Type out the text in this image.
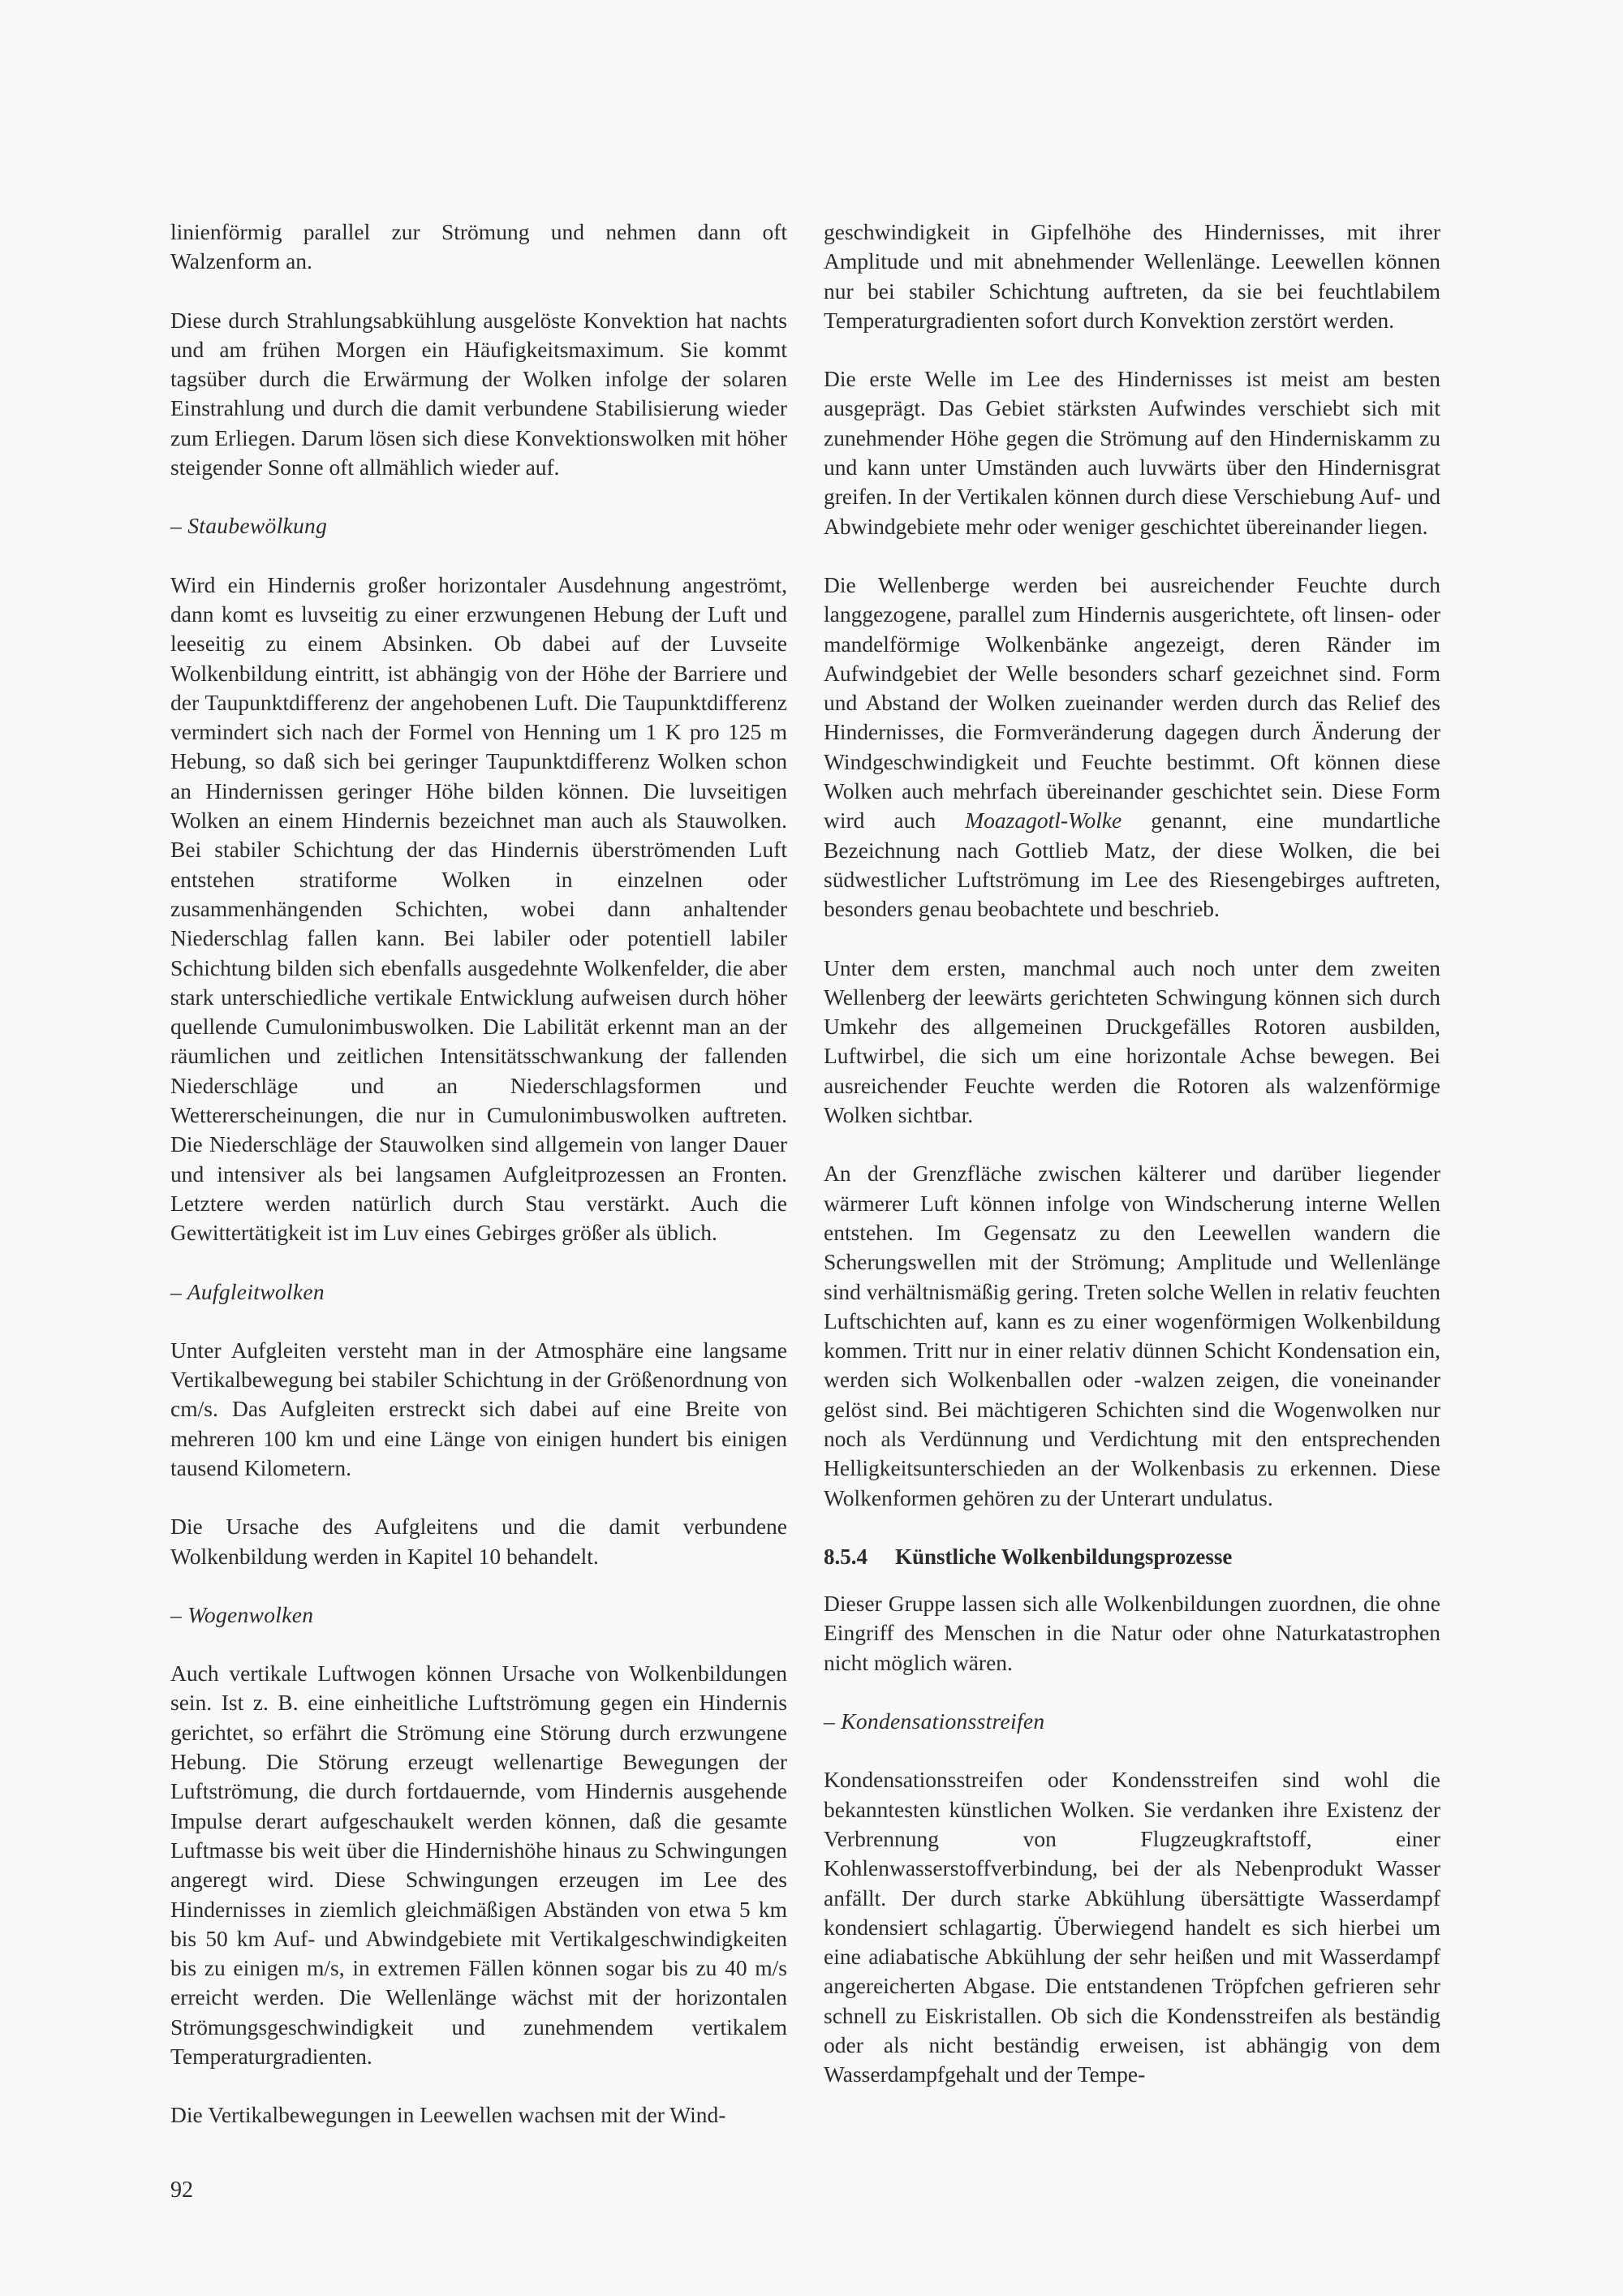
linienförmig parallel zur Strömung und nehmen dann oft Walzenform an.

Diese durch Strahlungsabkühlung ausgelöste Konvektion hat nachts und am frühen Morgen ein Häufigkeitsmaximum. Sie kommt tagsüber durch die Erwärmung der Wolken infolge der solaren Einstrahlung und durch die damit verbundene Stabilisierung wieder zum Erliegen. Darum lösen sich diese Konvektionswolken mit höher steigender Sonne oft allmählich wieder auf.

– Staubewölkung

Wird ein Hindernis großer horizontaler Ausdehnung angeströmt, dann komt es luvseitig zu einer erzwungenen Hebung der Luft und leeseitig zu einem Absinken. Ob dabei auf der Luvseite Wolkenbildung eintritt, ist abhängig von der Höhe der Barriere und der Taupunktdifferenz der angehobenen Luft. Die Taupunktdifferenz vermindert sich nach der Formel von Henning um 1 K pro 125 m Hebung, so daß sich bei geringer Taupunktdifferenz Wolken schon an Hindernissen geringer Höhe bilden können. Die luvseitigen Wolken an einem Hindernis bezeichnet man auch als Stauwolken. Bei stabiler Schichtung der das Hindernis überströmenden Luft entstehen stratiforme Wolken in einzelnen oder zusammenhängenden Schichten, wobei dann anhaltender Niederschlag fallen kann. Bei labiler oder potentiell labiler Schichtung bilden sich ebenfalls ausgedehnte Wolkenfelder, die aber stark unterschiedliche vertikale Entwicklung aufweisen durch höher quellende Cumulonimbuswolken. Die Labilität erkennt man an der räumlichen und zeitlichen Intensitätsschwankung der fallenden Niederschläge und an Niederschlagsformen und Wettererscheinungen, die nur in Cumulonimbuswolken auftreten. Die Niederschläge der Stauwolken sind allgemein von langer Dauer und intensiver als bei langsamen Aufgleitprozessen an Fronten. Letztere werden natürlich durch Stau verstärkt. Auch die Gewittertätigkeit ist im Luv eines Gebirges größer als üblich.

– Aufgleitwolken

Unter Aufgleiten versteht man in der Atmosphäre eine langsame Vertikalbewegung bei stabiler Schichtung in der Größenordnung von cm/s. Das Aufgleiten erstreckt sich dabei auf eine Breite von mehreren 100 km und eine Länge von einigen hundert bis einigen tausend Kilometern.

Die Ursache des Aufgleitens und die damit verbundene Wolkenbildung werden in Kapitel 10 behandelt.

– Wogenwolken

Auch vertikale Luftwogen können Ursache von Wolkenbildungen sein. Ist z. B. eine einheitliche Luftströmung gegen ein Hindernis gerichtet, so erfährt die Strömung eine Störung durch erzwungene Hebung. Die Störung erzeugt wellenartige Bewegungen der Luftströmung, die durch fortdauernde, vom Hindernis ausgehende Impulse derart aufgeschaukelt werden können, daß die gesamte Luftmasse bis weit über die Hindernishöhe hinaus zu Schwingungen angeregt wird. Diese Schwingungen erzeugen im Lee des Hindernisses in ziemlich gleichmäßigen Abständen von etwa 5 km bis 50 km Auf- und Abwindgebiete mit Vertikalgeschwindigkeiten bis zu einigen m/s, in extremen Fällen können sogar bis zu 40 m/s erreicht werden. Die Wellenlänge wächst mit der horizontalen Strömungsgeschwindigkeit und zunehmendem vertikalem Temperaturgradienten.

Die Vertikalbewegungen in Leewellen wachsen mit der Wind-

geschwindigkeit in Gipfelhöhe des Hindernisses, mit ihrer Amplitude und mit abnehmender Wellenlänge. Leewellen können nur bei stabiler Schichtung auftreten, da sie bei feuchtlabilem Temperaturgradienten sofort durch Konvektion zerstört werden.

Die erste Welle im Lee des Hindernisses ist meist am besten ausgeprägt. Das Gebiet stärksten Aufwindes verschiebt sich mit zunehmender Höhe gegen die Strömung auf den Hinderniskamm zu und kann unter Umständen auch luvwärts über den Hindernisgrat greifen. In der Vertikalen können durch diese Verschiebung Auf- und Abwindgebiete mehr oder weniger geschichtet übereinander liegen.

Die Wellenberge werden bei ausreichender Feuchte durch langgezogene, parallel zum Hindernis ausgerichtete, oft linsen- oder mandelförmige Wolkenbänke angezeigt, deren Ränder im Aufwindgebiet der Welle besonders scharf gezeichnet sind. Form und Abstand der Wolken zueinander werden durch das Relief des Hindernisses, die Formveränderung dagegen durch Änderung der Windgeschwindigkeit und Feuchte bestimmt. Oft können diese Wolken auch mehrfach übereinander geschichtet sein. Diese Form wird auch Moazagotl-Wolke genannt, eine mundartliche Bezeichnung nach Gottlieb Matz, der diese Wolken, die bei südwestlicher Luftströmung im Lee des Riesengebirges auftreten, besonders genau beobachtete und beschrieb.

Unter dem ersten, manchmal auch noch unter dem zweiten Wellenberg der leewärts gerichteten Schwingung können sich durch Umkehr des allgemeinen Druckgefälles Rotoren ausbilden, Luftwirbel, die sich um eine horizontale Achse bewegen. Bei ausreichender Feuchte werden die Rotoren als walzenförmige Wolken sichtbar.

An der Grenzfläche zwischen kälterer und darüber liegender wärmerer Luft können infolge von Windscherung interne Wellen entstehen. Im Gegensatz zu den Leewellen wandern die Scherungswellen mit der Strömung; Amplitude und Wellenlänge sind verhältnismäßig gering. Treten solche Wellen in relativ feuchten Luftschichten auf, kann es zu einer wogenförmigen Wolkenbildung kommen. Tritt nur in einer relativ dünnen Schicht Kondensation ein, werden sich Wolkenballen oder -walzen zeigen, die voneinander gelöst sind. Bei mächtigeren Schichten sind die Wogenwolken nur noch als Verdünnung und Verdichtung mit den entsprechenden Helligkeitsunterschieden an der Wolkenbasis zu erkennen. Diese Wolkenformen gehören zu der Unterart undulatus.

8.5.4 Künstliche Wolkenbildungsprozesse

Dieser Gruppe lassen sich alle Wolkenbildungen zuordnen, die ohne Eingriff des Menschen in die Natur oder ohne Naturkatastrophen nicht möglich wären.

– Kondensationsstreifen

Kondensationsstreifen oder Kondensstreifen sind wohl die bekanntesten künstlichen Wolken. Sie verdanken ihre Existenz der Verbrennung von Flugzeugkraftstoff, einer Kohlenwasserstoffverbindung, bei der als Nebenprodukt Wasser anfällt. Der durch starke Abkühlung übersättigte Wasserdampf kondensiert schlagartig. Überwiegend handelt es sich hierbei um eine adiabatische Abkühlung der sehr heißen und mit Wasserdampf angereicherten Abgase. Die entstandenen Tröpfchen gefrieren sehr schnell zu Eiskristallen. Ob sich die Kondensstreifen als beständig oder als nicht beständig erweisen, ist abhängig von dem Wasserdampfgehalt und der Tempe-

92
